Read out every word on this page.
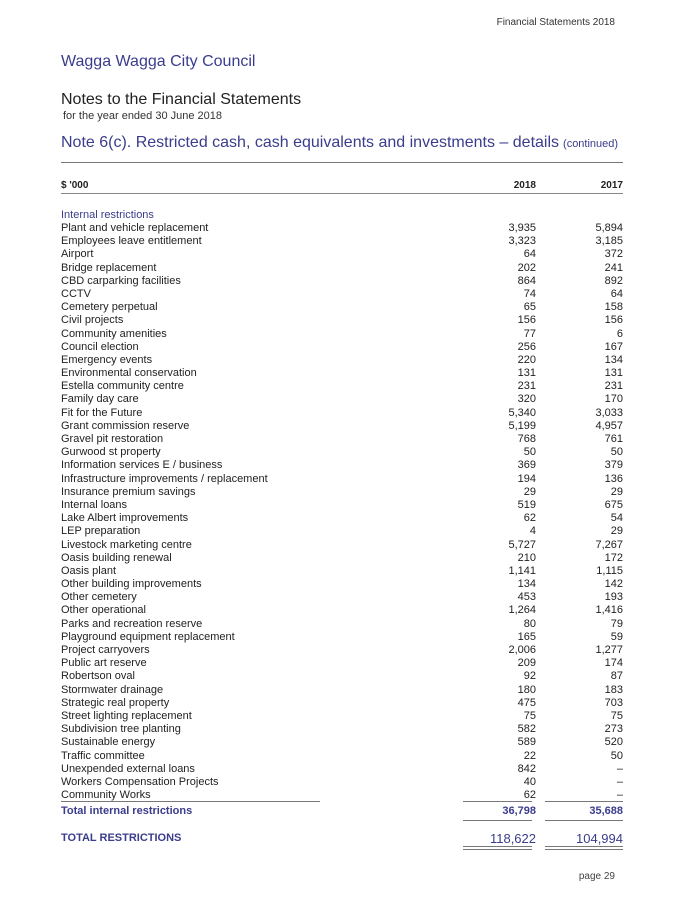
Financial Statements 2018
Wagga Wagga City Council
Notes to the Financial Statements
for the year ended 30 June 2018
Note 6(c). Restricted cash, cash equivalents and investments – details (continued)
$ '000	2018	2017
Internal restrictions
Plant and vehicle replacement	3,935	5,894
Employees leave entitlement	3,323	3,185
Airport	64	372
Bridge replacement	202	241
CBD carparking facilities	864	892
CCTV	74	64
Cemetery perpetual	65	158
Civil projects	156	156
Community amenities	77	6
Council election	256	167
Emergency events	220	134
Environmental conservation	131	131
Estella community centre	231	231
Family day care	320	170
Fit for the Future	5,340	3,033
Grant commission reserve	5,199	4,957
Gravel pit restoration	768	761
Gurwood st property	50	50
Information services E / business	369	379
Infrastructure improvements / replacement	194	136
Insurance premium savings	29	29
Internal loans	519	675
Lake Albert improvements	62	54
LEP preparation	4	29
Livestock marketing centre	5,727	7,267
Oasis building renewal	210	172
Oasis plant	1,141	1,115
Other building improvements	134	142
Other cemetery	453	193
Other operational	1,264	1,416
Parks and recreation reserve	80	79
Playground equipment replacement	165	59
Project carryovers	2,006	1,277
Public art reserve	209	174
Robertson oval	92	87
Stormwater drainage	180	183
Strategic real property	475	703
Street lighting replacement	75	75
Subdivision tree planting	582	273
Sustainable energy	589	520
Traffic committee	22	50
Unexpended external loans	842	–
Workers Compensation Projects	40	–
Community Works	62	–
Total internal restrictions	36,798	35,688
TOTAL RESTRICTIONS	118,622	104,994
page 29
